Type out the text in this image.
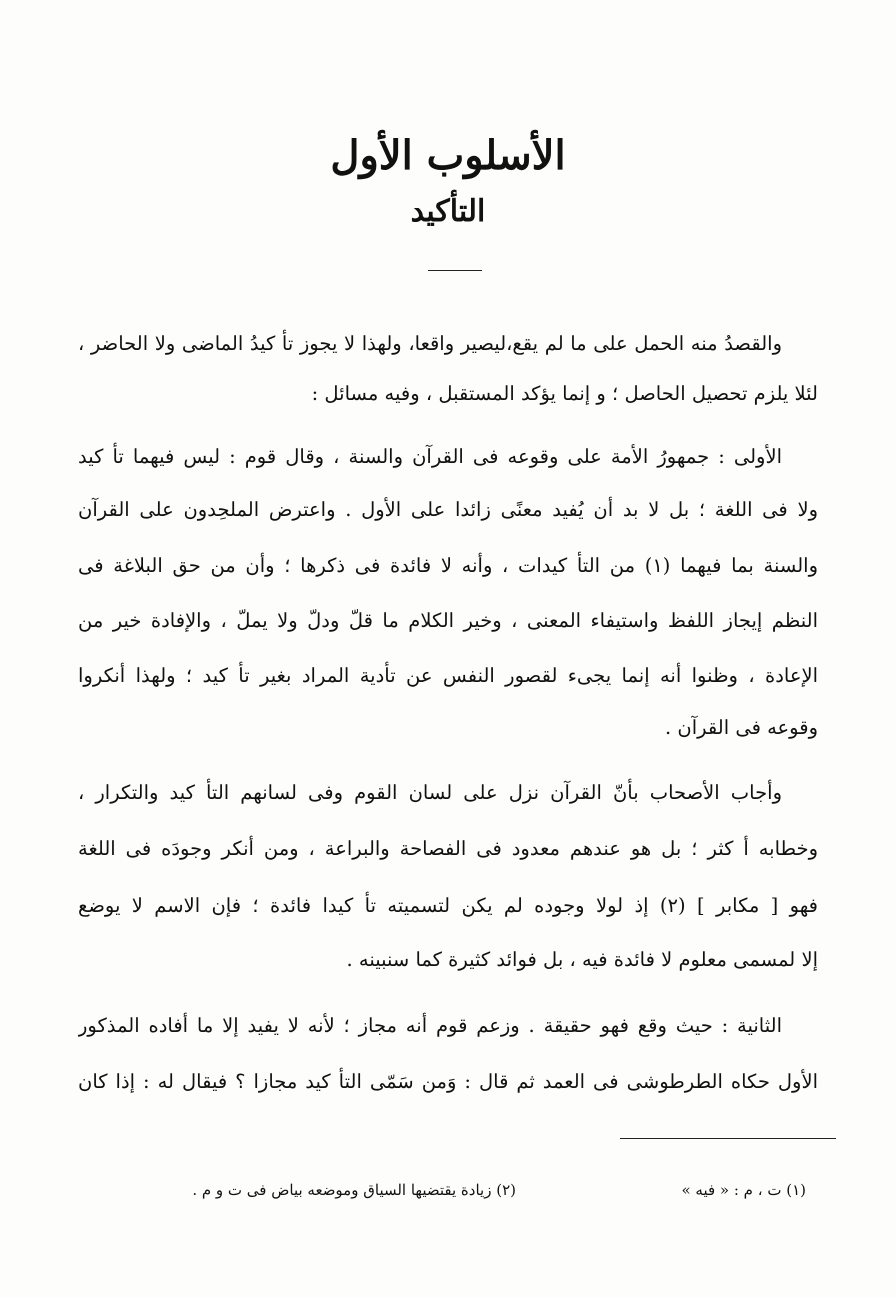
الأسلوب الأول
التأكيد
والقصدُ منه الحمل على ما لم يقع،ليصير واقعا، ولهذا لا يجوز تأ كيدُ الماضى ولا الحاضر ،
لئلا يلزم تحصيل الحاصل ؛ و إنما يؤكد المستقبل ، وفيه مسائل :
الأولى : جمهورُ الأمة على وقوعه فى القرآن والسنة ، وقال قوم : ليس فيهما تأ كيد
ولا فى اللغة ؛ بل لا بد أن يُفيد معنًى زائدا على الأول . واعترض الملحِدون على القرآن
والسنة بما فيهما (١) من التأ كيدات ، وأنه لا فائدة فى ذكرها ؛ وأن من حق البلاغة فى
النظم إيجاز اللفظ واستيفاء المعنى ، وخير الكلام ما قلّ ودلّ ولا يملّ ، والإفادة خير من
الإعادة ، وظنوا أنه إنما يجىء لقصور النفس عن تأدية المراد بغير تأ كيد ؛ ولهذا أنكروا
وقوعه فى القرآن .
وأجاب الأصحاب بأنّ القرآن نزل على لسان القوم وفى لسانهم التأ كيد والتكرار ،
وخطابه أ كثر ؛ بل هو عندهم معدود فى الفصاحة والبراعة ، ومن أنكر وجودَه فى اللغة
فهو [ مكابر ] (٢) إذ لولا وجوده لم يكن لتسميته تأ كيدا فائدة ؛ فإن الاسم لا يوضع
إلا لمسمى معلوم لا فائدة فيه ، بل فوائد كثيرة كما سنبينه .
الثانية : حيث وقع فهو حقيقة . وزعم قوم أنه مجاز ؛ لأنه لا يفيد إلا ما أفاده المذكور
الأول حكاه الطرطوشى فى العمد ثم قال : وَمن سَمّى التأ كيد مجازا ؟ فيقال له : إذا كان
(١) ت ، م : « فيه »
(٢) زيادة يقتضيها السياق وموضعه بياض فى ت و م .
